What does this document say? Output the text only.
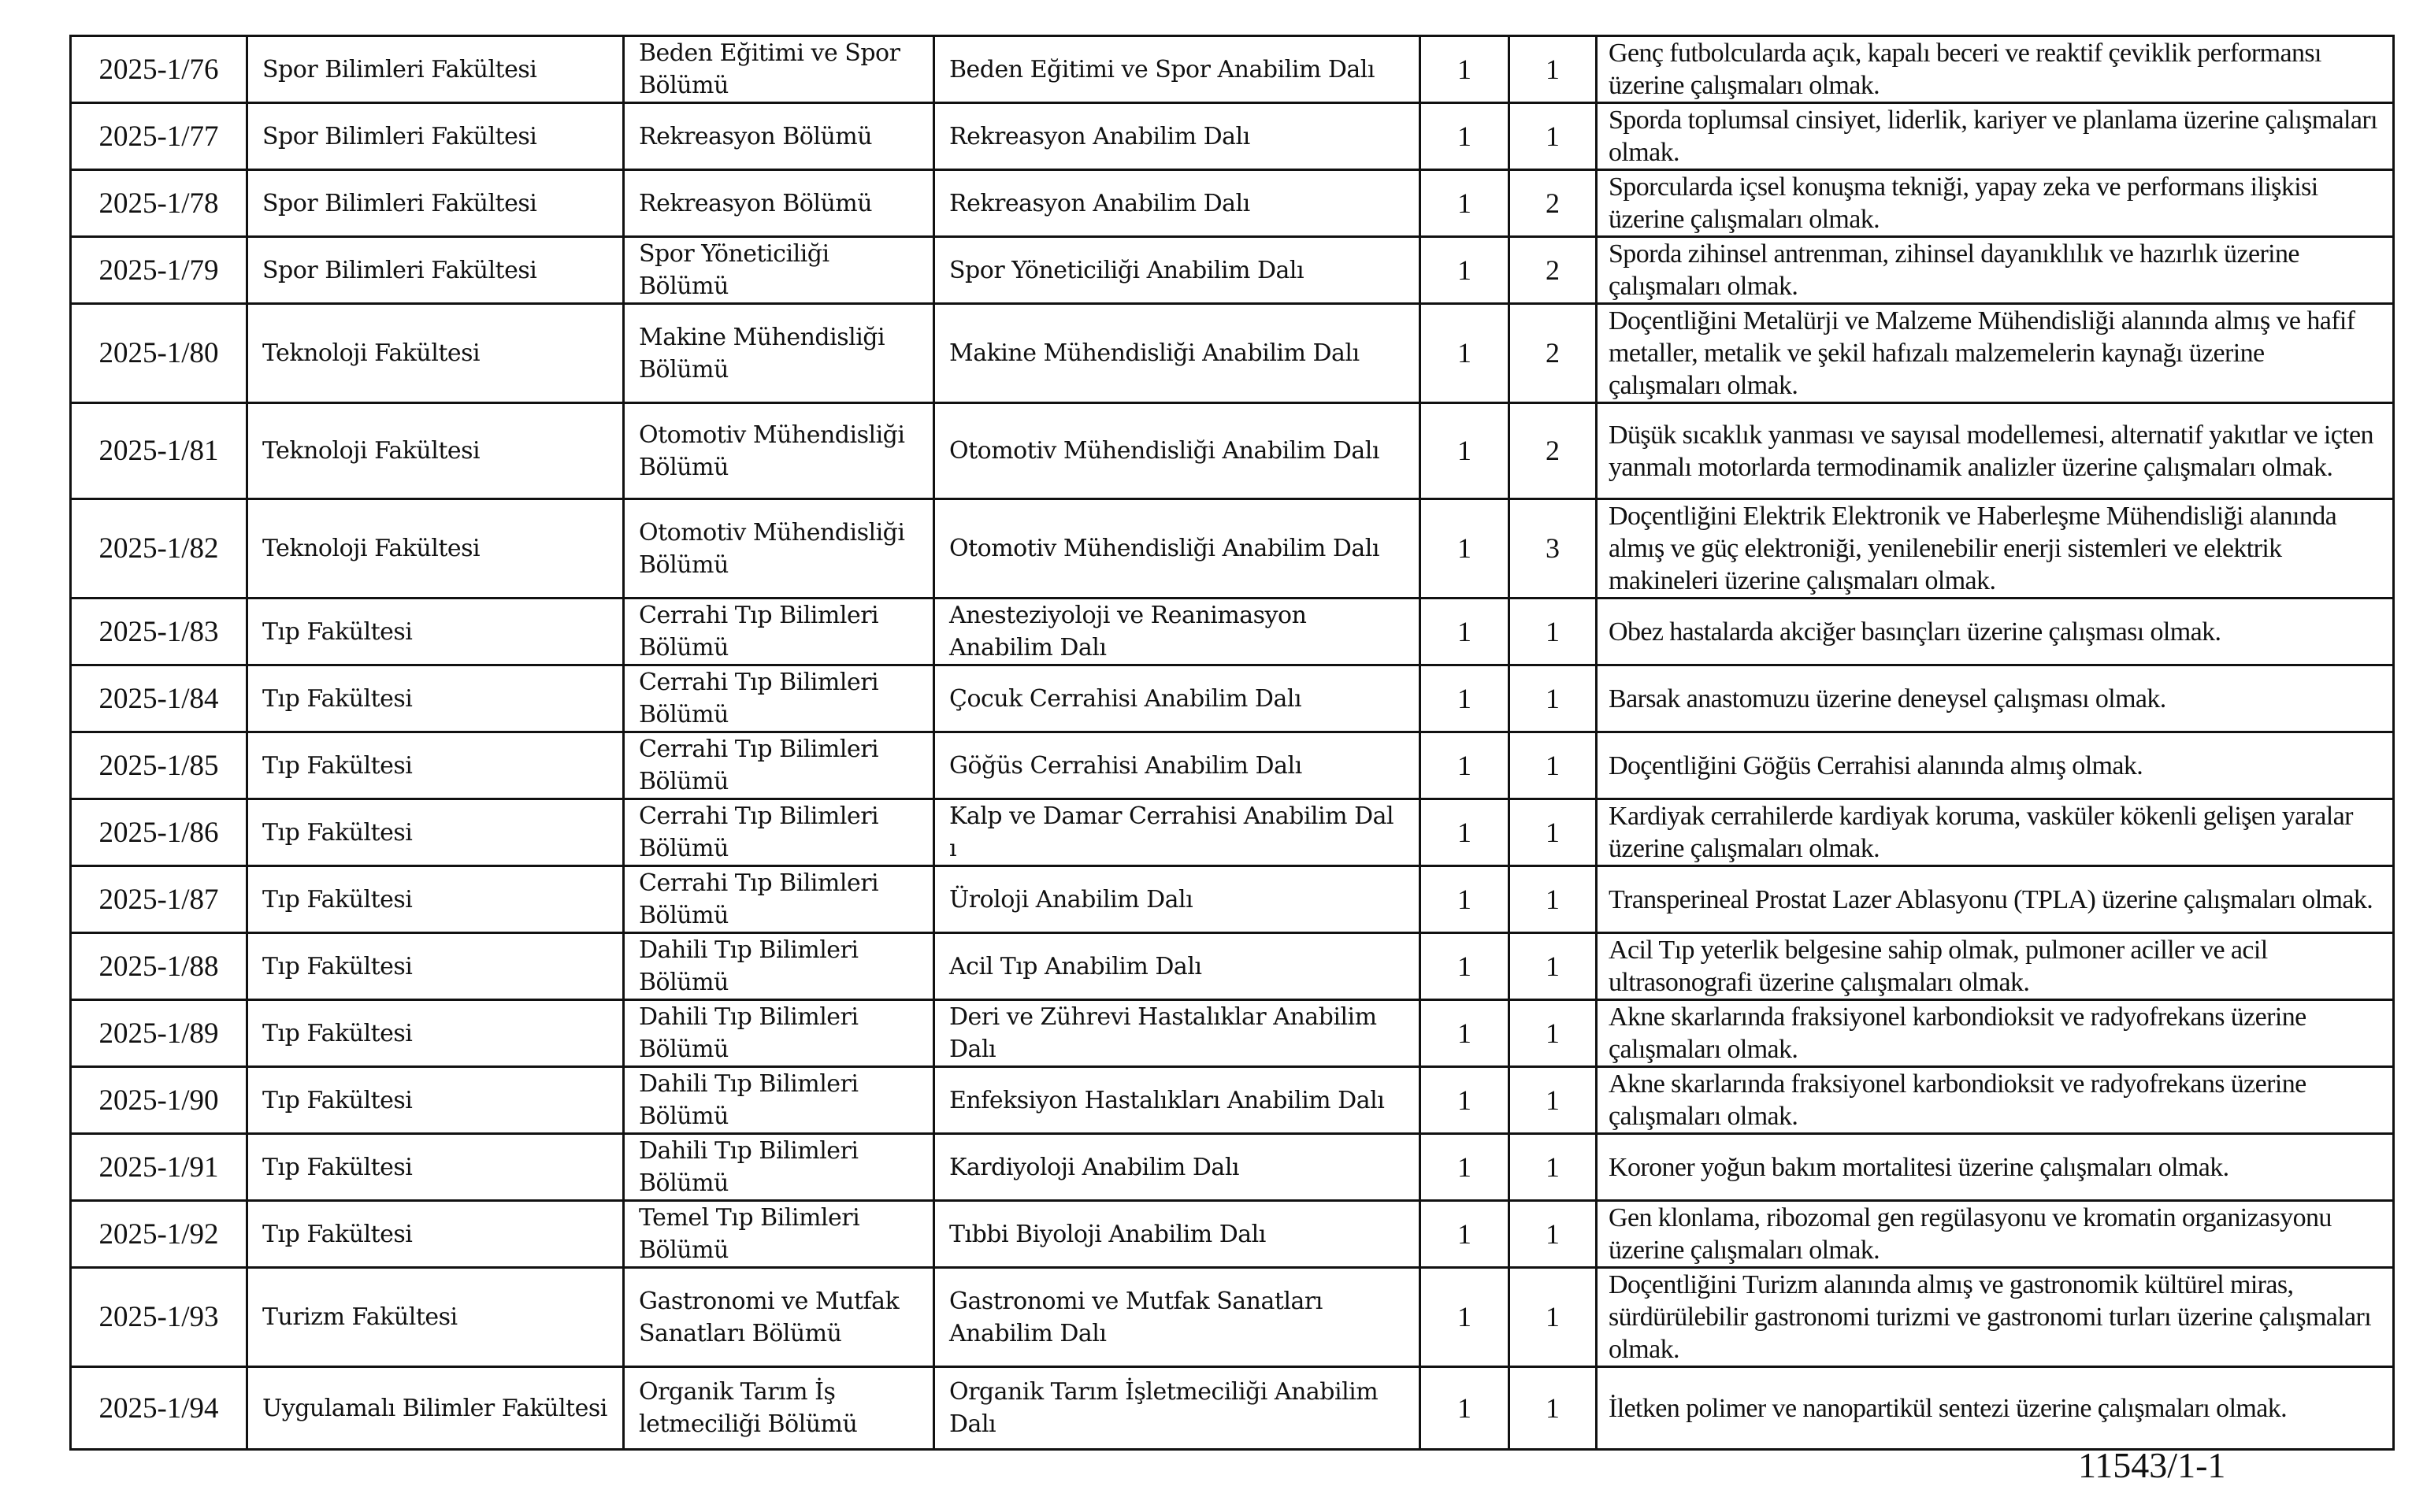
2025-1/76	Spor Bilimleri Fakültesi	Beden Eğitimi ve Spor Bölümü	Beden Eğitimi ve Spor Anabilim Dalı	1	1	Genç futbolcularda açık, kapalı beceri ve reaktif çeviklik performansı üzerine çalışmaları olmak.
2025-1/77	Spor Bilimleri Fakültesi	Rekreasyon Bölümü	Rekreasyon Anabilim Dalı	1	1	Sporda toplumsal cinsiyet, liderlik, kariyer ve planlama üzerine çalışmaları olmak.
2025-1/78	Spor Bilimleri Fakültesi	Rekreasyon Bölümü	Rekreasyon Anabilim Dalı	1	2	Sporcularda içsel konuşma tekniği, yapay zeka ve performans ilişkisi üzerine çalışmaları olmak.
2025-1/79	Spor Bilimleri Fakültesi	Spor Yöneticiliği Bölümü	Spor Yöneticiliği Anabilim Dalı	1	2	Sporda zihinsel antrenman, zihinsel dayanıklılık ve hazırlık üzerine çalışmaları olmak.
2025-1/80	Teknoloji Fakültesi	Makine Mühendisliği Bölümü	Makine Mühendisliği Anabilim Dalı	1	2	Doçentliğini Metalürji ve Malzeme Mühendisliği alanında almış ve hafif metaller, metalik ve şekil hafızalı malzemelerin kaynağı üzerine çalışmaları olmak.
2025-1/81	Teknoloji Fakültesi	Otomotiv Mühendisliği Bölümü	Otomotiv Mühendisliği Anabilim Dalı	1	2	Düşük sıcaklık yanması ve sayısal modellemesi, alternatif yakıtlar ve içten yanmalı motorlarda termodinamik analizler üzerine çalışmaları olmak.
2025-1/82	Teknoloji Fakültesi	Otomotiv Mühendisliği Bölümü	Otomotiv Mühendisliği Anabilim Dalı	1	3	Doçentliğini Elektrik Elektronik ve Haberleşme Mühendisliği alanında almış ve güç elektroniği, yenilenebilir enerji sistemleri ve elektrik makineleri üzerine çalışmaları olmak.
2025-1/83	Tıp Fakültesi	Cerrahi Tıp Bilimleri Bölümü	Anesteziyoloji ve Reanimasyon Anabilim Dalı	1	1	Obez hastalarda akciğer basınçları üzerine çalışması olmak.
2025-1/84	Tıp Fakültesi	Cerrahi Tıp Bilimleri Bölümü	Çocuk Cerrahisi Anabilim Dalı	1	1	Barsak anastomuzu üzerine deneysel çalışması olmak.
2025-1/85	Tıp Fakültesi	Cerrahi Tıp Bilimleri Bölümü	Göğüs Cerrahisi Anabilim Dalı	1	1	Doçentliğini Göğüs Cerrahisi alanında almış olmak.
2025-1/86	Tıp Fakültesi	Cerrahi Tıp Bilimleri Bölümü	Kalp ve Damar Cerrahisi Anabilim Dal ı	1	1	Kardiyak cerrahilerde kardiyak koruma, vasküler kökenli gelişen yaralar üzerine çalışmaları olmak.
2025-1/87	Tıp Fakültesi	Cerrahi Tıp Bilimleri Bölümü	Üroloji Anabilim Dalı	1	1	Transperineal Prostat Lazer Ablasyonu (TPLA) üzerine çalışmaları olmak.
2025-1/88	Tıp Fakültesi	Dahili Tıp Bilimleri Bölümü	Acil Tıp Anabilim Dalı	1	1	Acil Tıp yeterlik belgesine sahip olmak, pulmoner aciller ve acil ultrasonografi üzerine çalışmaları olmak.
2025-1/89	Tıp Fakültesi	Dahili Tıp Bilimleri Bölümü	Deri ve Zührevi Hastalıklar Anabilim Dalı	1	1	Akne skarlarında fraksiyonel karbondioksit ve radyofrekans üzerine çalışmaları olmak.
2025-1/90	Tıp Fakültesi	Dahili Tıp Bilimleri Bölümü	Enfeksiyon Hastalıkları Anabilim Dalı	1	1	Akne skarlarında fraksiyonel karbondioksit ve radyofrekans üzerine çalışmaları olmak.
2025-1/91	Tıp Fakültesi	Dahili Tıp Bilimleri Bölümü	Kardiyoloji Anabilim Dalı	1	1	Koroner yoğun bakım mortalitesi üzerine çalışmaları olmak.
2025-1/92	Tıp Fakültesi	Temel Tıp Bilimleri Bölümü	Tıbbi Biyoloji Anabilim Dalı	1	1	Gen klonlama, ribozomal gen regülasyonu ve kromatin organizasyonu üzerine çalışmaları olmak.
2025-1/93	Turizm Fakültesi	Gastronomi ve Mutfak Sanatları Bölümü	Gastronomi ve Mutfak Sanatları Anabilim Dalı	1	1	Doçentliğini Turizm alanında almış ve gastronomik kültürel miras, sürdürülebilir gastronomi turizmi ve gastronomi turları üzerine çalışmaları olmak.
2025-1/94	Uygulamalı Bilimler Fakültesi	Organik Tarım İş letmeciliği Bölümü	Organik Tarım İşletmeciliği Anabilim Dalı	1	1	İletken polimer ve nanopartikül sentezi üzerine çalışmaları olmak.
11543/1-1
